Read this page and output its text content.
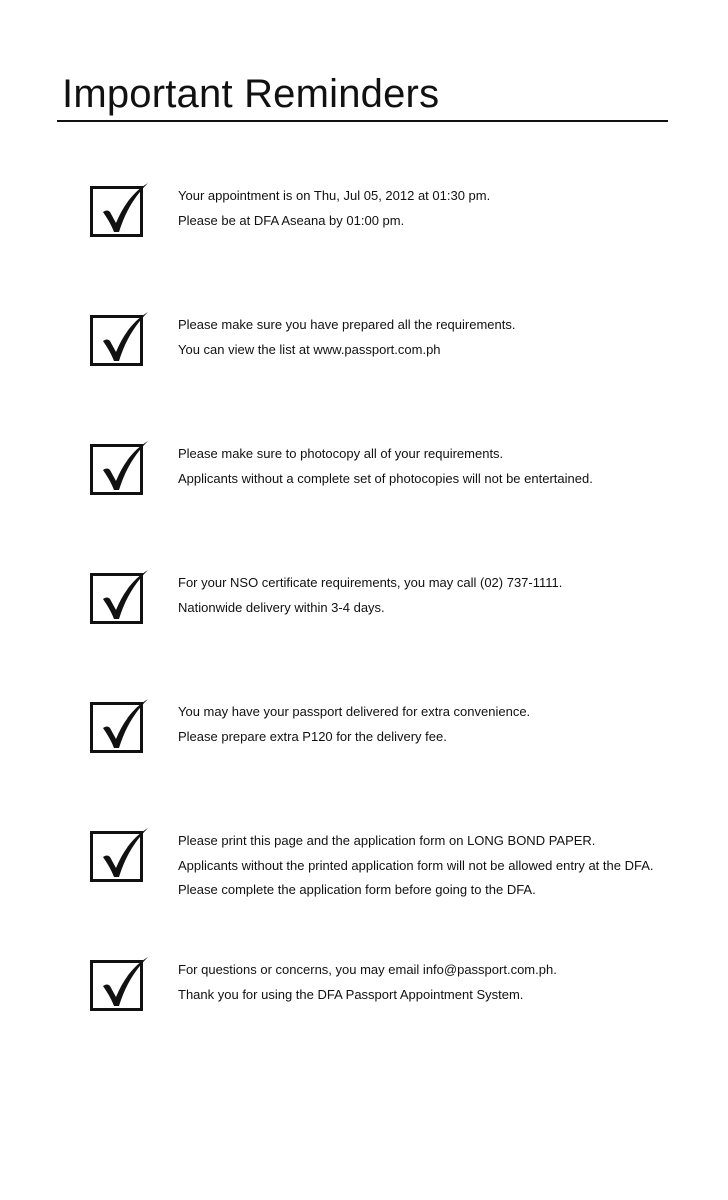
Important Reminders
Your appointment is on Thu, Jul 05, 2012 at 01:30 pm.
Please be at DFA Aseana by 01:00 pm.
Please make sure you have prepared all the requirements.
You can view the list at www.passport.com.ph
Please make sure to photocopy all of your requirements.
Applicants without a complete set of photocopies will not be entertained.
For your NSO certificate requirements, you may call (02) 737-1111.
Nationwide delivery within 3-4 days.
You may have your passport delivered for extra convenience.
Please prepare extra P120 for the delivery fee.
Please print this page and the application form on LONG BOND PAPER.
Applicants without the printed application form will not be allowed entry at the DFA.
Please complete the application form before going to the DFA.
For questions or concerns, you may email info@passport.com.ph.
Thank you for using the DFA Passport Appointment System.
